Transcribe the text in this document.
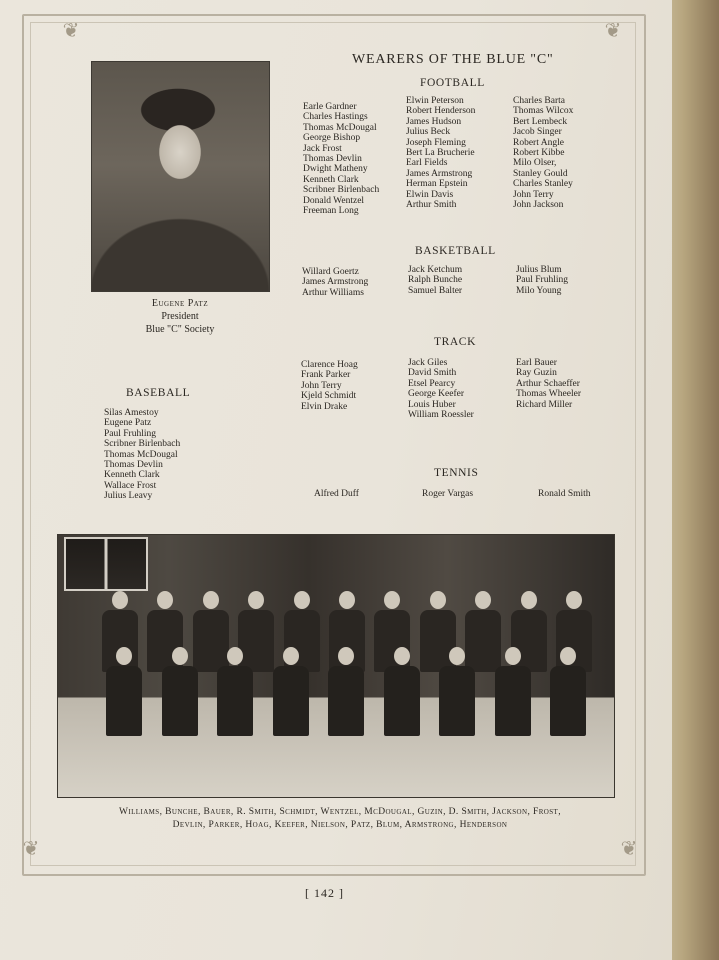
❦	❦
❦	❦
WEARERS OF THE BLUE "C"
Eugene Patz
President
Blue "C" Society
FOOTBALL
Earle Gardner
Charles Hastings
Thomas McDougal
George Bishop
Jack Frost
Thomas Devlin
Dwight Matheny
Kenneth Clark
Scribner Birlenbach
Donald Wentzel
Freeman Long
Elwin Peterson
Robert Henderson
James Hudson
Julius Beck
Joseph Fleming
Bert La Brucherie
Earl Fields
James Armstrong
Herman Epstein
Elwin Davis
Arthur Smith
Charles Barta
Thomas Wilcox
Bert Lembeck
Jacob Singer
Robert Angle
Robert Kibbe
Milo Olser,
Stanley Gould
Charles Stanley
John Terry
John Jackson
BASKETBALL
Willard Goertz
James Armstrong
Arthur Williams
Jack Ketchum
Ralph Bunche
Samuel Balter
Julius Blum
Paul Fruhling
Milo Young
TRACK
Clarence Hoag
Frank Parker
John Terry
Kjeld Schmidt
Elvin Drake
Jack Giles
David Smith
Etsel Pearcy
George Keefer
Louis Huber
William Roessler
Earl Bauer
Ray Guzin
Arthur Schaeffer
Thomas Wheeler
Richard Miller
BASEBALL
Silas Amestoy
Eugene Patz
Paul Fruhling
Scribner Birlenbach
Thomas McDougal
Thomas Devlin
Kenneth Clark
Wallace Frost
Julius Leavy
TENNIS
Alfred Duff	Roger Vargas	Ronald Smith
Williams, Bunche, Bauer, R. Smith, Schmidt, Wentzel, McDougal, Guzin, D. Smith, Jackson, Frost,
Devlin, Parker, Hoag, Keefer, Nielson, Patz, Blum, Armstrong, Henderson
[ 142 ]
